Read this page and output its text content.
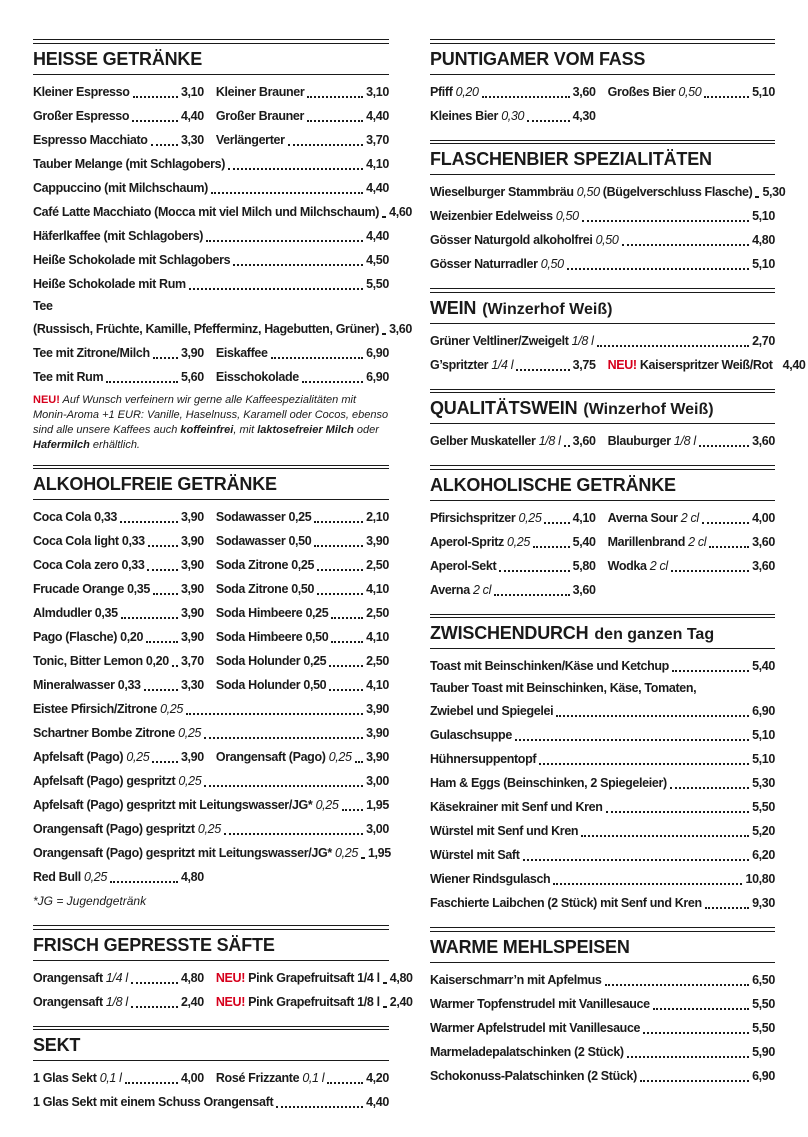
HEISSE GETRÄNKE
Kleiner Espresso	3,10 Kleiner Brauner	3,10
Großer Espresso	4,40 Großer Brauner	4,40
Espresso Macchiato	3,30 Verlängerter	3,70
Tauber Melange (mit Schlagobers)	4,10
Cappuccino (mit Milchschaum)	4,40
Café Latte Macchiato (Mocca mit viel Milch und Milchschaum) 4,60
Häferlkaffee (mit Schlagobers)	4,40
Heiße Schokolade mit Schlagobers	4,50
Heiße Schokolade mit Rum	5,50
Tee
(Russisch, Früchte, Kamille, Pfefferminz, Hagebutten, Grüner) 3,60
Tee mit Zitrone/Milch 3,90 Eiskaffee	6,90
Tee mit Rum	5,60 Eisschokolade	6,90
NEU! Auf Wunsch verfeinern wir gerne alle Kaffeespezialitäten mit Monin-Aroma +1 EUR: Vanille, Haselnuss, Karamell oder Cocos, ebenso sind alle unsere Kaffees auch koffeinfrei, mit laktosefreier Milch oder Hafermilch erhältlich.
ALKOHOLFREIE GETRÄNKE
Coca Cola 0,33	3,90 Sodawasser 0,25	2,10
Coca Cola light 0,33	3,90 Sodawasser 0,50	3,90
Coca Cola zero 0,33	3,90 Soda Zitrone 0,25	2,50
Frucade Orange 0,35 3,90 Soda Zitrone 0,50	4,10
Almdudler 0,35	3,90 Soda Himbeere 0,25	2,50
Pago (Flasche) 0,20	3,90 Soda Himbeere 0,50	4,10
Tonic, Bitter Lemon 0,20 3,70 Soda Holunder 0,25	2,50
Mineralwasser 0,33	3,30 Soda Holunder 0,50	4,10
Eistee Pfirsich/Zitrone 0,25	3,90
Schartner Bombe Zitrone 0,25	3,90
Apfelsaft (Pago) 0,25	3,90 Orangensaft (Pago) 0,25 3,90
Apfelsaft (Pago) gespritzt 0,25	3,00
Apfelsaft (Pago) gespritzt mit Leitungswasser/JG* 0,25 1,95
Orangensaft (Pago) gespritzt 0,25	3,00
Orangensaft (Pago) gespritzt mit Leitungswasser/JG* 0,25 1,95
Red Bull 0,25	4,80
*JG = Jugendgetränk
FRISCH GEPRESSTE SÄFTE
Orangensaft 1/4 l	4,80 NEU! Pink Grapefruitsaft 1/4 l 4,80
Orangensaft 1/8 l	2,40 NEU! Pink Grapefruitsaft 1/8 l 2,40
SEKT
1 Glas Sekt 0,1 l	4,00 Rosé Frizzante 0,1 l	4,20
1 Glas Sekt mit einem Schuss Orangensaft	4,40
PUNTIGAMER VOM FASS
Pfiff 0,20	3,60 Großes Bier 0,50	5,10
Kleines Bier 0,30	4,30
FLASCHENBIER SPEZIALITÄTEN
Wieselburger Stammbräu 0,50 (Bügelverschluss Flasche) 5,30
Weizenbier Edelweiss 0,50	5,10
Gösser Naturgold alkoholfrei 0,50	4,80
Gösser Naturradler 0,50	5,10
WEIN (Winzerhof Weiß)
Grüner Veltliner/Zweigelt 1/8 l	2,70
G’spritzter 1/4 l	3,75 NEU! Kaiserspritzer Weiß/Rot 4,40
QUALITÄTSWEIN (Winzerhof Weiß)
Gelber Muskateller 1/8 l 3,60 Blauburger 1/8 l	3,60
ALKOHOLISCHE GETRÄNKE
Pfirsichspritzer 0,25 4,10 Averna Sour 2 cl	4,00
Aperol-Spritz 0,25	5,40 Marillenbrand 2 cl	3,60
Aperol-Sekt	5,80 Wodka 2 cl	3,60
Averna 2 cl	3,60
ZWISCHENDURCH den ganzen Tag
Toast mit Beinschinken/Käse und Ketchup	5,40
Tauber Toast mit Beinschinken, Käse, Tomaten,
Zwiebel und Spiegelei	6,90
Gulaschsuppe	5,10
Hühnersuppentopf	5,10
Ham & Eggs (Beinschinken, 2 Spiegeleier)	5,30
Käsekrainer mit Senf und Kren	5,50
Würstel mit Senf und Kren	5,20
Würstel mit Saft	6,20
Wiener Rindsgulasch	10,80
Faschierte Laibchen (2 Stück) mit Senf und Kren	9,30
WARME MEHLSPEISEN
Kaiserschmarr’n mit Apfelmus	6,50
Warmer Topfenstrudel mit Vanillesauce	5,50
Warmer Apfelstrudel mit Vanillesauce	5,50
Marmeladepalatschinken (2 Stück)	5,90
Schokonuss-Palatschinken (2 Stück)	6,90
